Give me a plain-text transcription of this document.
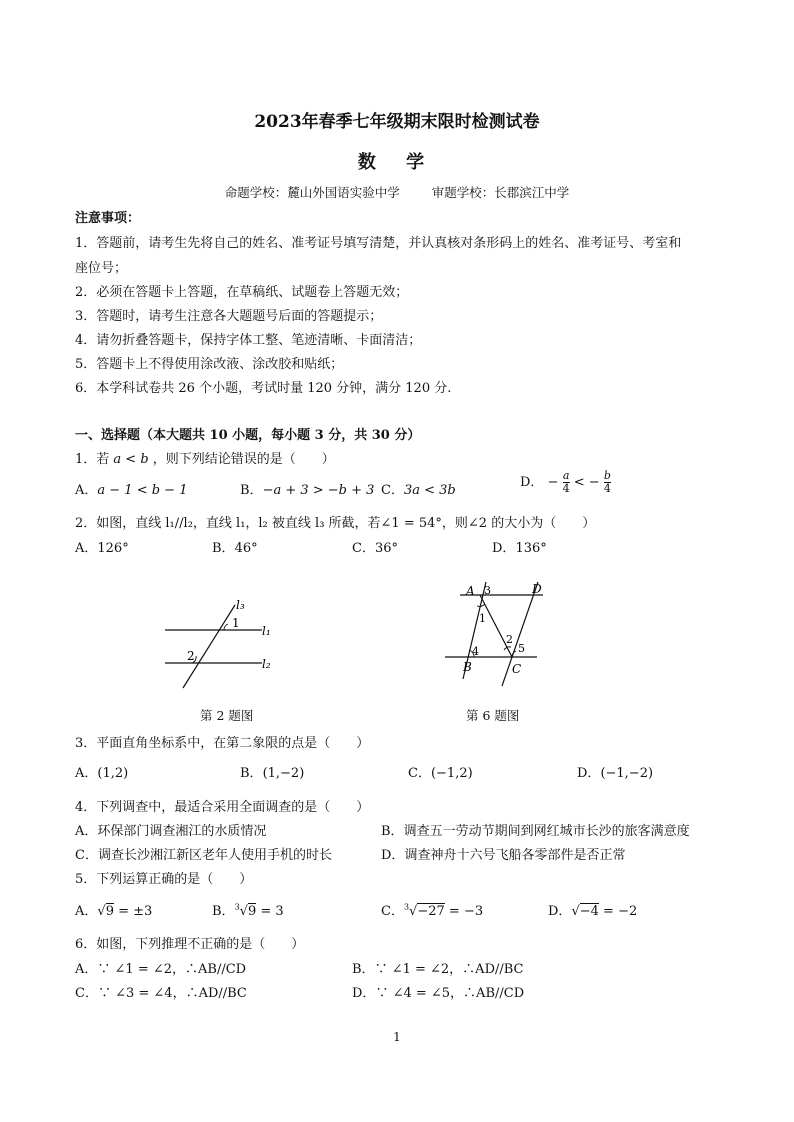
2023年春季七年级期末限时检测试卷
数 学
命题学校：麓山外国语实验中学	审题学校：长郡滨江中学
注意事项：
1．答题前，请考生先将自己的姓名、准考证号填写清楚，并认真核对条形码上的姓名、准考证号、考室和
座位号；
2．必须在答题卡上答题，在草稿纸、试题卷上答题无效；
3．答题时，请考生注意各大题题号后面的答题提示；
4．请勿折叠答题卡，保持字体工整、笔迹清晰、卡面清洁；
5．答题卡上不得使用涂改液、涂改胶和贴纸；
6．本学科试卷共 26 个小题，考试时量 120 分钟，满分 120 分.
一、选择题（本大题共 10 小题，每小题 3 分，共 30 分）
1．若 a < b ，则下列结论错误的是（　　）
A．a − 1 < b − 1	B．−a + 3 > −b + 3 C．3a < 3b
D． − $\frac{a}{4}$ < − $\frac{b}{4}$
2．如图，直线 l₁//l₂，直线 l₁，l₂ 被直线 l₃ 所截，若∠1 = 54°，则∠2 的大小为（　　）
A．126°	B．46°	C．36°	D．136°
l₃
l₁
l₂
1
2
第 2 题图
A 3	D
1
2
4	5
B	C
第 6 题图
3．平面直角坐标系中，在第二象限的点是（　　）
A．(1,2)	B．(1,−2)	C．(−1,2)	D．(−1,−2)
4．下列调查中，最适合采用全面调查的是（　　）
A．环保部门调查湘江的水质情况	B．调查五一劳动节期间到网红城市长沙的旅客满意度
C．调查长沙湘江新区老年人使用手机的时长	D．调查神舟十六号飞船各零部件是否正常
5．下列运算正确的是（　　）
A．√9 = ±3	B．$^3$√9 = 3	C．$^3$√−27 = −3	D．√−4 = −2
6．如图，下列推理不正确的是（　　）
A．∵ ∠1 = ∠2，∴AB//CD	B．∵ ∠1 = ∠2，∴AD//BC
C．∵ ∠3 = ∠4，∴AD//BC	D．∵ ∠4 = ∠5，∴AB//CD
1
